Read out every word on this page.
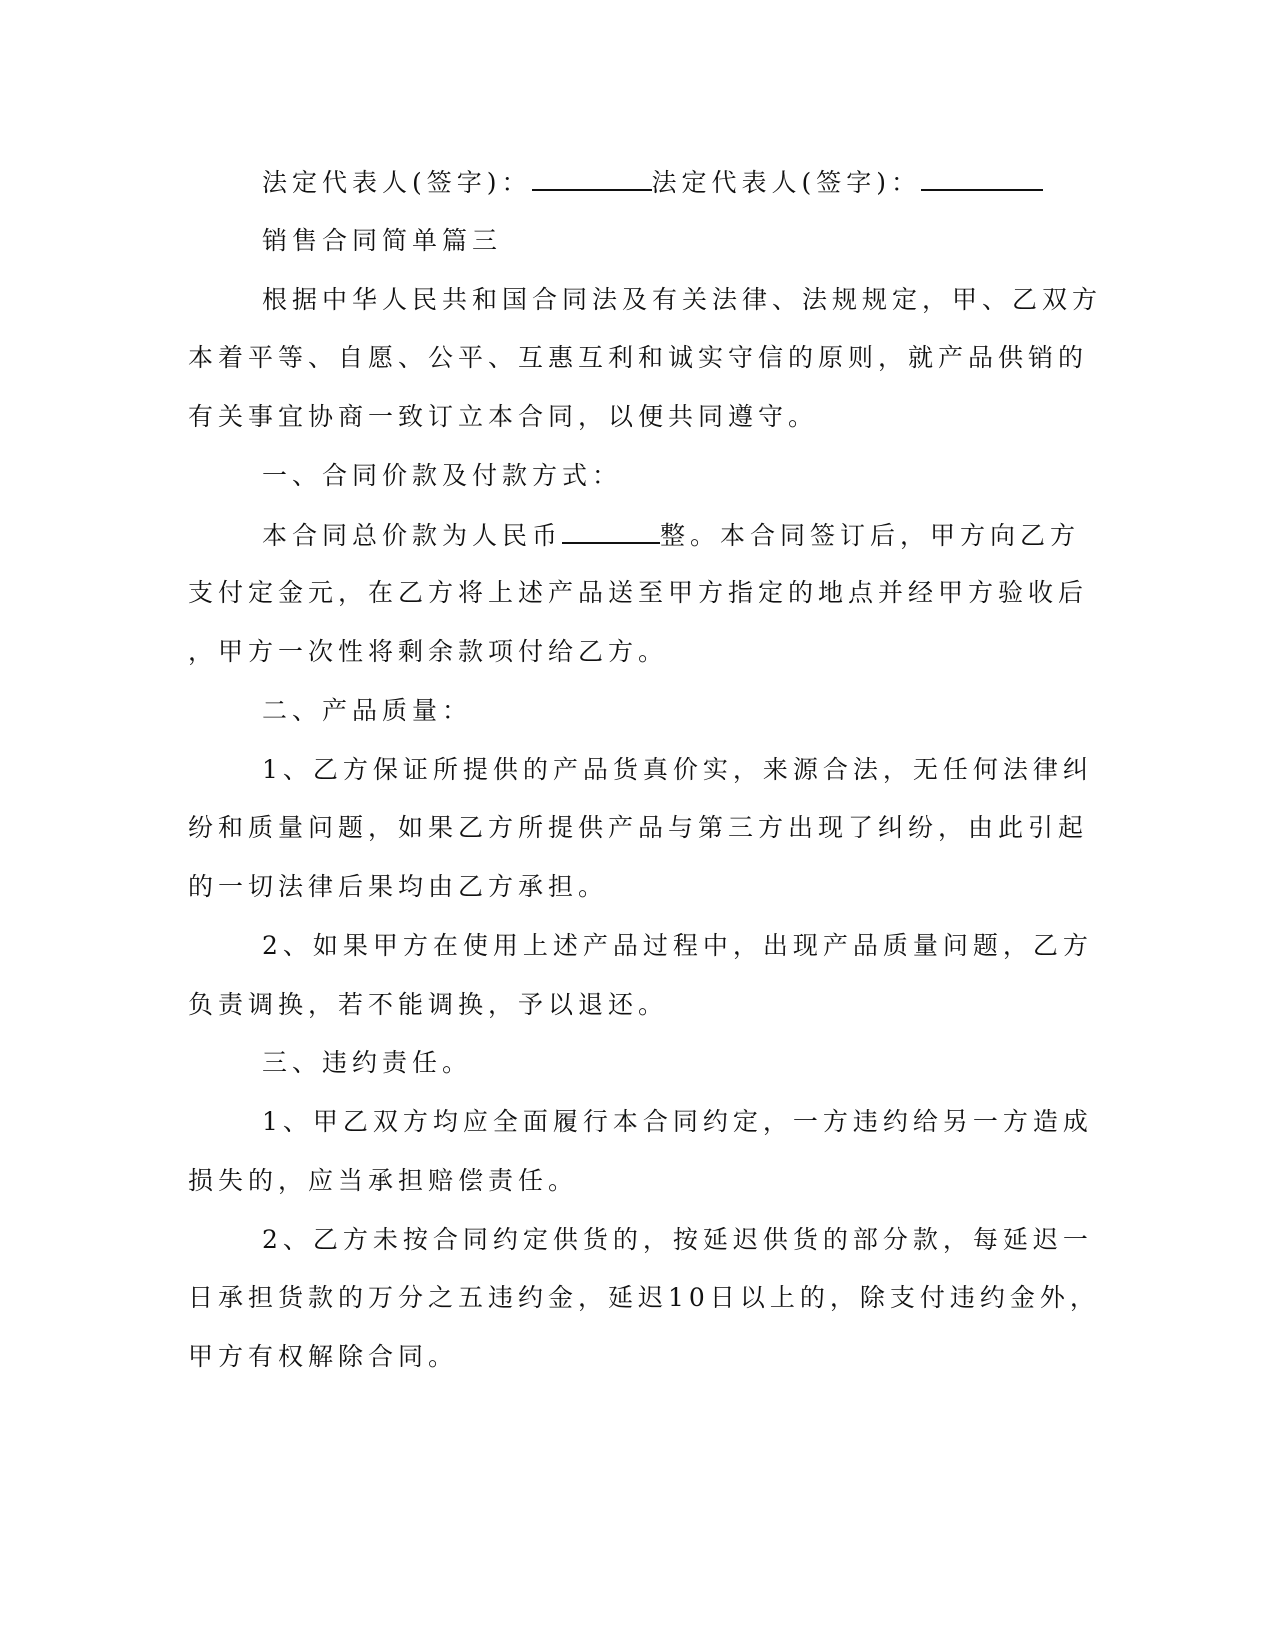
法定代表人(签字)：	法定代表人(签字)：
销售合同简单篇三
根据中华人民共和国合同法及有关法律、法规规定，甲、乙双方
本着平等、自愿、公平、互惠互利和诚实守信的原则，就产品供销的
有关事宜协商一致订立本合同，以便共同遵守。
一、合同价款及付款方式：
本合同总价款为人民币	整。本合同签订后，甲方向乙方
支付定金元，在乙方将上述产品送至甲方指定的地点并经甲方验收后
，甲方一次性将剩余款项付给乙方。
二、产品质量：
1、乙方保证所提供的产品货真价实，来源合法，无任何法律纠
纷和质量问题，如果乙方所提供产品与第三方出现了纠纷，由此引起
的一切法律后果均由乙方承担。
2、如果甲方在使用上述产品过程中，出现产品质量问题，乙方
负责调换，若不能调换，予以退还。
三、违约责任。
1、甲乙双方均应全面履行本合同约定，一方违约给另一方造成
损失的，应当承担赔偿责任。
2、乙方未按合同约定供货的，按延迟供货的部分款，每延迟一
日承担货款的万分之五违约金，延迟10日以上的，除支付违约金外，
甲方有权解除合同。
